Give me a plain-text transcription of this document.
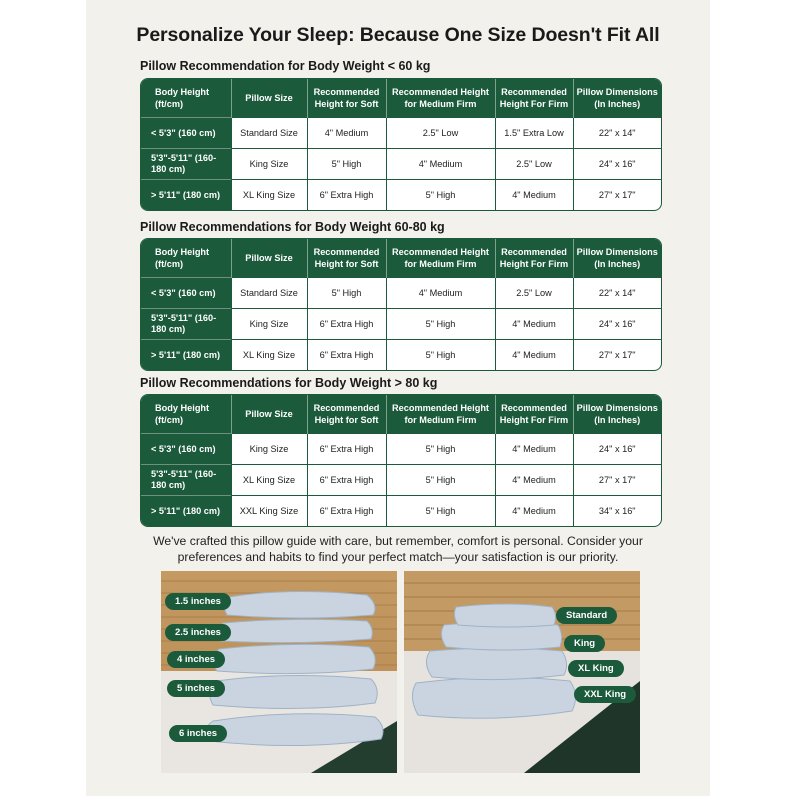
Personalize Your Sleep: Because One Size Doesn't Fit All
Pillow Recommendation for Body Weight < 60 kg
Body Height (ft/cm)	Pillow Size	Recommended Height for Soft	Recommended Height for Medium Firm	Recommended Height For Firm	Pillow Dimensions (In Inches)
< 5'3" (160 cm)	Standard Size	4" Medium	2.5" Low	1.5" Extra Low	22" x 14"
5'3"-5'11" (160-180 cm)	King Size	5" High	4" Medium	2.5" Low	24" x 16"
> 5'11" (180 cm)	XL King Size	6" Extra High	5" High	4" Medium	27" x 17"
Pillow Recommendations for Body Weight 60-80 kg
Body Height (ft/cm)	Pillow Size	Recommended Height for Soft	Recommended Height for Medium Firm	Recommended Height For Firm	Pillow Dimensions (In Inches)
< 5'3" (160 cm)	Standard Size	5" High	4" Medium	2.5" Low	22" x 14"
5'3"-5'11" (160-180 cm)	King Size	6" Extra High	5" High	4" Medium	24" x 16"
> 5'11" (180 cm)	XL King Size	6" Extra High	5" High	4" Medium	27" x 17"
Pillow Recommendations for Body Weight > 80 kg
Body Height (ft/cm)	Pillow Size	Recommended Height for Soft	Recommended Height for Medium Firm	Recommended Height For Firm	Pillow Dimensions (In Inches)
< 5'3" (160 cm)	King Size	6" Extra High	5" High	4" Medium	24" x 16"
5'3"-5'11" (160-180 cm)	XL King Size	6" Extra High	5" High	4" Medium	27" x 17"
> 5'11" (180 cm)	XXL King Size	6" Extra High	5" High	4" Medium	34" x 16"
We've crafted this pillow guide with care, but remember, comfort is personal. Consider your preferences and habits to find your perfect match—your satisfaction is our priority.
1.5 inches
2.5 inches
4 inches
5 inches
6 inches
Standard
King
XL King
XXL King
